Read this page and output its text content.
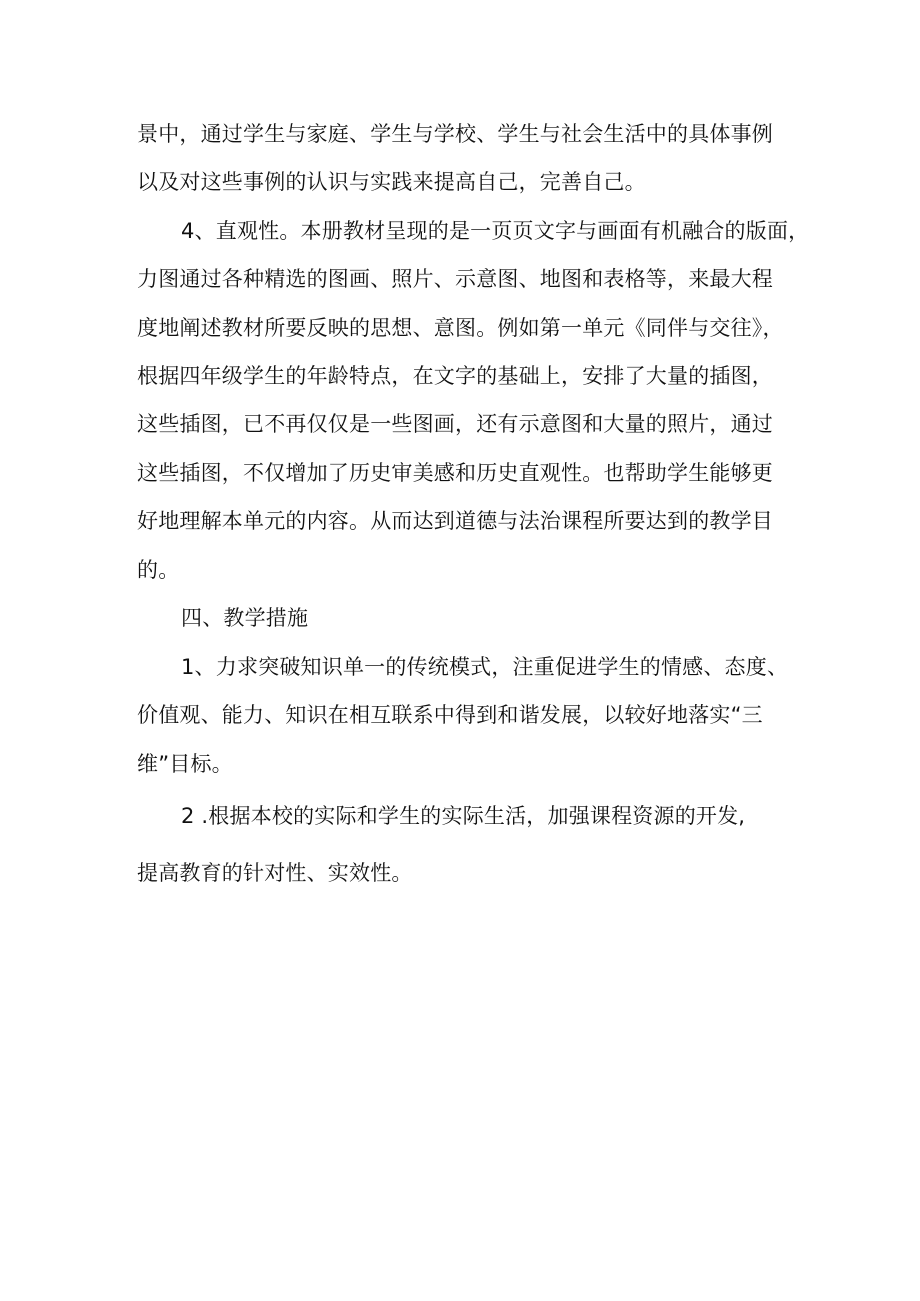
景中，通过学生与家庭、学生与学校、学生与社会生活中的具体事例
以及对这些事例的认识与实践来提高自己，完善自己。
4、直观性。本册教材呈现的是一页页文字与画面有机融合的版面，
力图通过各种精选的图画、照片、示意图、地图和表格等，来最大程
度地阐述教材所要反映的思想、意图。例如第一单元《同伴与交往》，
根据四年级学生的年龄特点，在文字的基础上，安排了大量的插图，
这些插图，已不再仅仅是一些图画，还有示意图和大量的照片，通过
这些插图，不仅增加了历史审美感和历史直观性。也帮助学生能够更
好地理解本单元的内容。从而达到道德与法治课程所要达到的教学目
的。
四、教学措施
1、力求突破知识单一的传统模式，注重促进学生的情感、态度、
价值观、能力、知识在相互联系中得到和谐发展，以较好地落实“三
维”目标。
2 .根据本校的实际和学生的实际生活，加强课程资源的开发,
提高教育的针对性、实效性。
